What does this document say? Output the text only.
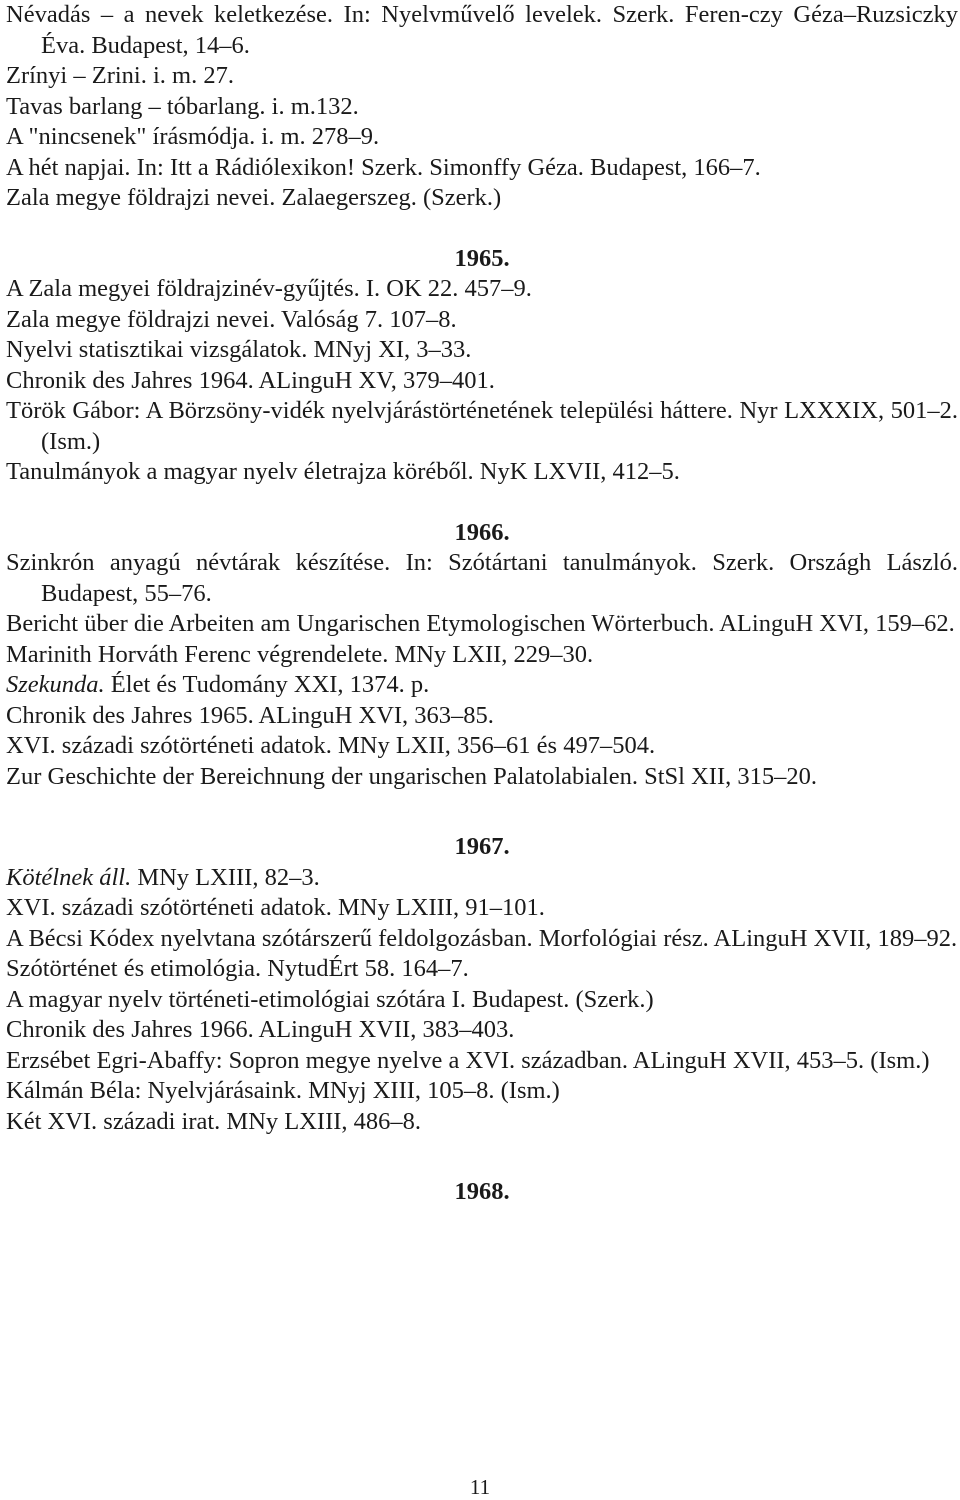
Névadás – a nevek keletkezése. In: Nyelvművelő levelek. Szerk. Feren-czy Géza–Ruzsiczky Éva. Budapest, 14–6.

Zrínyi – Zrini. i. m. 27.

Tavas barlang – tóbarlang. i. m.132.

A "nincsenek" írásmódja. i. m. 278–9.

A hét napjai. In: Itt a Rádiólexikon! Szerk. Simonffy Géza. Budapest, 166–7.

Zala megye földrajzi nevei. Zalaegerszeg. (Szerk.)

1965.

A Zala megyei földrajzinév-gyűjtés. I. OK 22. 457–9.

Zala megye földrajzi nevei. Valóság 7. 107–8.

Nyelvi statisztikai vizsgálatok. MNyj XI, 3–33.

Chronik des Jahres 1964. ALinguH XV, 379–401.

Török Gábor: A Börzsöny-vidék nyelvjárástörténetének települési háttere. Nyr LXXXIX, 501–2. (Ism.)

Tanulmányok a magyar nyelv életrajza köréből. NyK LXVII, 412–5.

1966.

Szinkrón anyagú névtárak készítése. In: Szótártani tanulmányok. Szerk. Országh László. Budapest, 55–76.

Bericht über die Arbeiten am Ungarischen Etymologischen Wörterbuch. ALinguH XVI, 159–62.

Marinith Horváth Ferenc végrendelete. MNy LXII, 229–30.

Szekunda. Élet és Tudomány XXI, 1374. p.

Chronik des Jahres 1965. ALinguH XVI, 363–85.

XVI. századi szótörténeti adatok. MNy LXII, 356–61 és 497–504.

Zur Geschichte der Bereichnung der ungarischen Palatolabialen. StSl XII, 315–20.

1967.

Kötélnek áll. MNy LXIII, 82–3.

XVI. századi szótörténeti adatok. MNy LXIII, 91–101.

A Bécsi Kódex nyelvtana szótárszerű feldolgozásban. Morfológiai rész. ALinguH XVII, 189–92.

Szótörténet és etimológia. NytudÉrt 58. 164–7.

A magyar nyelv történeti-etimológiai szótára I. Budapest. (Szerk.)

Chronik des Jahres 1966. ALinguH XVII, 383–403.

Erzsébet Egri-Abaffy: Sopron megye nyelve a XVI. században. ALinguH XVII, 453–5. (Ism.)

Kálmán Béla: Nyelvjárásaink. MNyj XIII, 105–8. (Ism.)

Két XVI. századi irat. MNy LXIII, 486–8.

1968.

11
